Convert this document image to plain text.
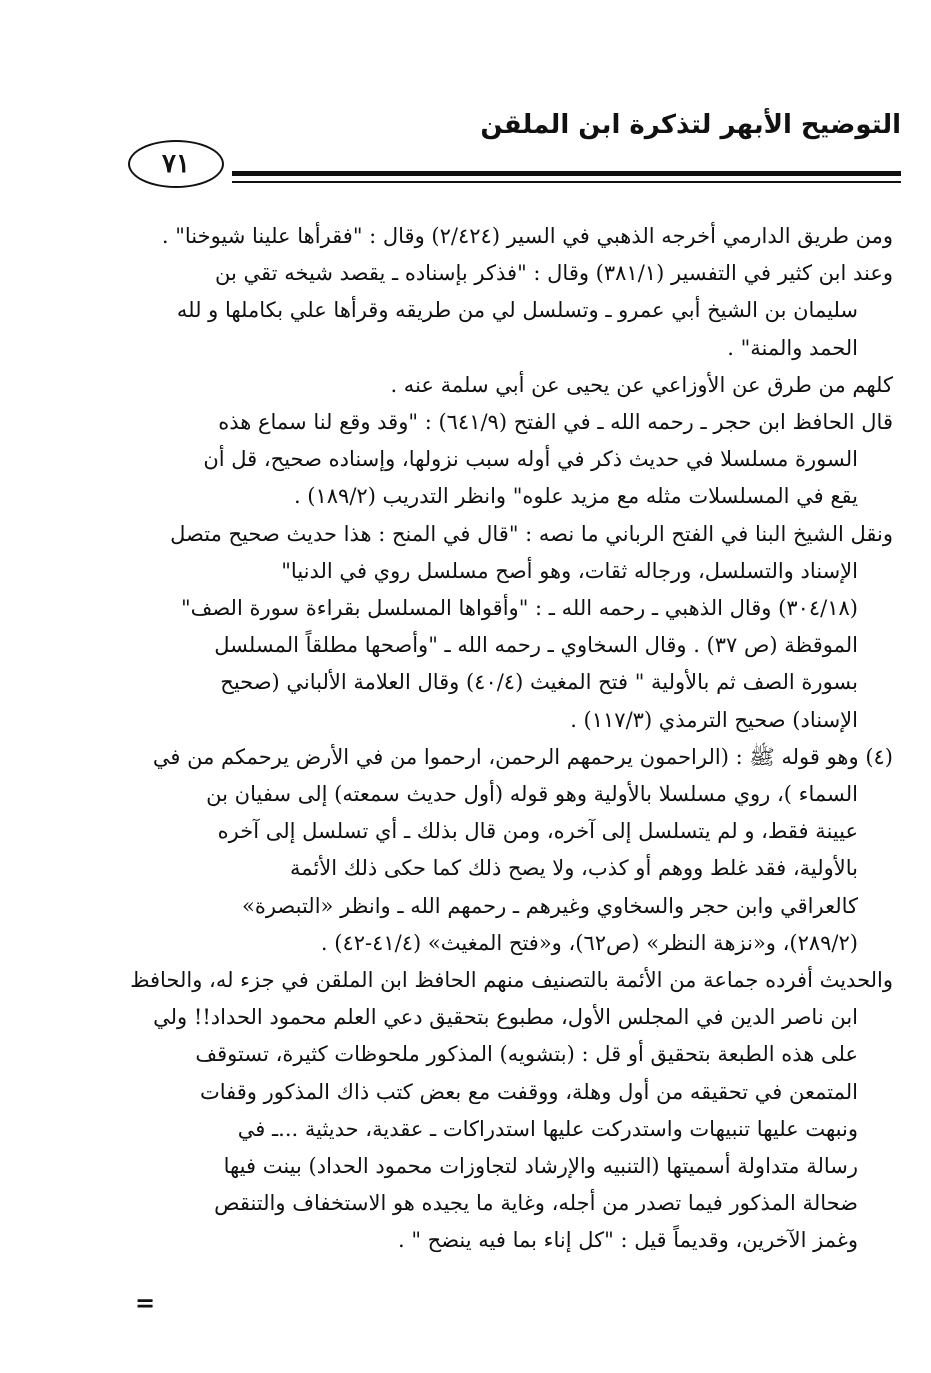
التوضيح الأبهر لتذكرة ابن الملقن
٧١
ومن طريق الدارمي أخرجه الذهبي في السير (٢/٤٢٤) وقال : "فقرأها علينا شيوخنا" .
وعند ابن كثير في التفسير (٣٨١/١) وقال : "فذكر بإسناده ـ يقصد شيخه تقي بن
سليمان بن الشيخ أبي عمرو ـ وتسلسل لي من طريقه وقرأها علي بكاملها و لله
الحمد والمنة" .
كلهم من طرق عن الأوزاعي عن يحيى عن أبي سلمة عنه .
قال الحافظ ابن حجر ـ رحمه الله ـ في الفتح (٦٤١/٩) : "وقد وقع لنا سماع هذه
السورة مسلسلا في حديث ذكر في أوله سبب نزولها، وإسناده صحيح، قل أن
يقع في المسلسلات مثله مع مزيد علوه" وانظر التدريب (١٨٩/٢) .
ونقل الشيخ البنا في الفتح الرباني ما نصه : "قال في المنح : هذا حديث صحيح متصل
الإسناد والتسلسل، ورجاله ثقات، وهو أصح مسلسل روي في الدنيا"
(٣٠٤/١٨) وقال الذهبي ـ رحمه الله ـ : "وأقواها المسلسل بقراءة سورة الصف"
الموقظة (ص ٣٧) . وقال السخاوي ـ رحمه الله ـ "وأصحها مطلقاً المسلسل
بسورة الصف ثم بالأولية " فتح المغيث (٤٠/٤) وقال العلامة الألباني (صحيح
الإسناد) صحيح الترمذي (١١٧/٣) .
(٤) وهو قوله ﷺ : (الراحمون يرحمهم الرحمن، ارحموا من في الأرض يرحمكم من في
السماء )، روي مسلسلا بالأولية وهو قوله (أول حديث سمعته) إلى سفيان بن
عيينة فقط، و لم يتسلسل إلى آخره، ومن قال بذلك ـ أي تسلسل إلى آخره
بالأولية، فقد غلط ووهم أو كذب، ولا يصح ذلك كما حكى ذلك الأئمة
كالعراقي وابن حجر والسخاوي وغيرهم ـ رحمهم الله ـ وانظر «التبصرة»
(٢٨٩/٢)، و«نزهة النظر» (ص٦٢)، و«فتح المغيث» (٤١/٤-٤٢) .
والحديث أفرده جماعة من الأئمة بالتصنيف منهم الحافظ ابن الملقن في جزء له، والحافظ
ابن ناصر الدين في المجلس الأول، مطبوع بتحقيق دعي العلم محمود الحداد!! ولي
على هذه الطبعة بتحقيق أو قل : (بتشويه) المذكور ملحوظات كثيرة، تستوقف
المتمعن في تحقيقه من أول وهلة، ووقفت مع بعض كتب ذاك المذكور وقفات
ونبهت عليها تنبيهات واستدركت عليها استدراكات ـ عقدية، حديثية ...ـ في
رسالة متداولة أسميتها (التنبيه والإرشاد لتجاوزات محمود الحداد) بينت فيها
ضحالة المذكور فيما تصدر من أجله، وغاية ما يجيده هو الاستخفاف والتنقص
وغمز الآخرين، وقديماً قيل : "كل إناء بما فيه ينضح " .
=
